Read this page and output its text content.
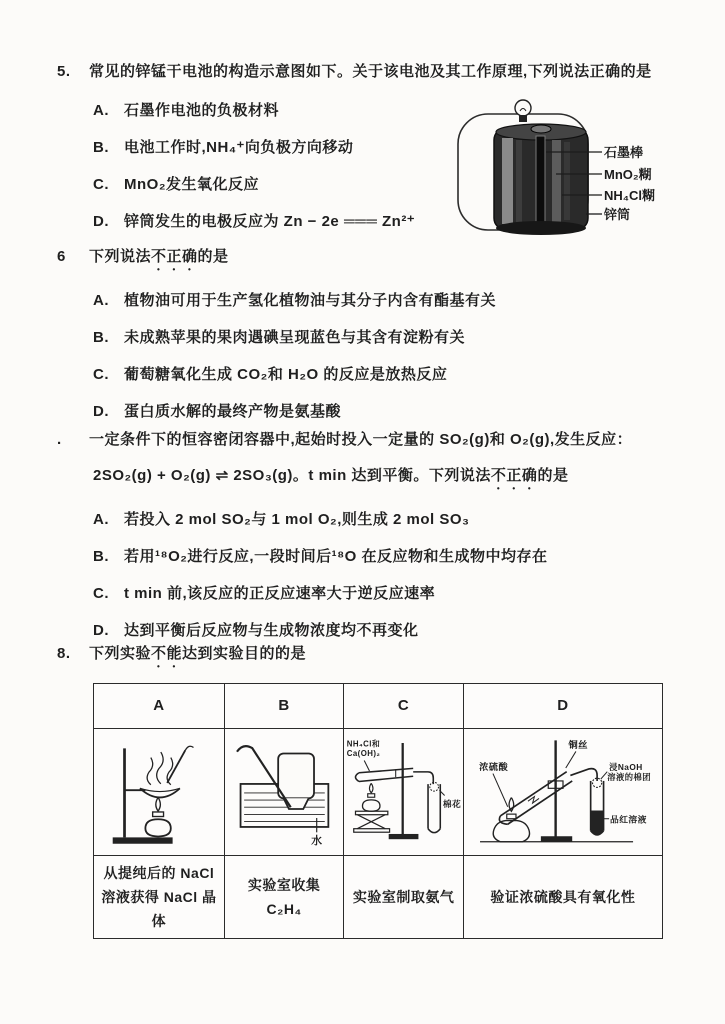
5.	常见的锌锰干电池的构造示意图如下。关于该电池及其工作原理,下列说法正确的是
A.	石墨作电池的负极材料
B.	电池工作时,NH₄⁺向负极方向移动
C.	MnO₂发生氧化反应
D.	锌筒发生的电极反应为 Zn − 2e ═══ Zn²⁺
石墨棒
MnO₂糊
NH₄Cl糊
锌筒
6	下列说法不正确的是
A.	植物油可用于生产氢化植物油与其分子内含有酯基有关
B.	未成熟苹果的果肉遇碘呈现蓝色与其含有淀粉有关
C.	葡萄糖氧化生成 CO₂和 H₂O 的反应是放热反应
D.	蛋白质水解的最终产物是氨基酸
.	一定条件下的恒容密闭容器中,起始时投入一定量的 SO₂(g)和 O₂(g),发生反应：
2SO₂(g) + O₂(g) ⇌ 2SO₃(g)。t min 达到平衡。下列说法不正确的是
A.	若投入 2 mol SO₂与 1 mol O₂,则生成 2 mol SO₃
B.	若用¹⁸O₂进行反应,一段时间后¹⁸O 在反应物和生成物中均存在
C.	t min 前,该反应的正反应速率大于逆反应速率
D.	达到平衡后反应物与生成物浓度均不再变化
8.	下列实验不能达到实验目的的是
A	B	C	D

水	NH₄Cl和
Ca(OH)₂
棉花	浓硫酸
铜丝
浸NaOH
溶液的棉团
品红溶液

从提纯后的 NaCl 溶液获得 NaCl 晶体	实验室收集 C₂H₄	实验室制取氨气	验证浓硫酸具有氧化性
